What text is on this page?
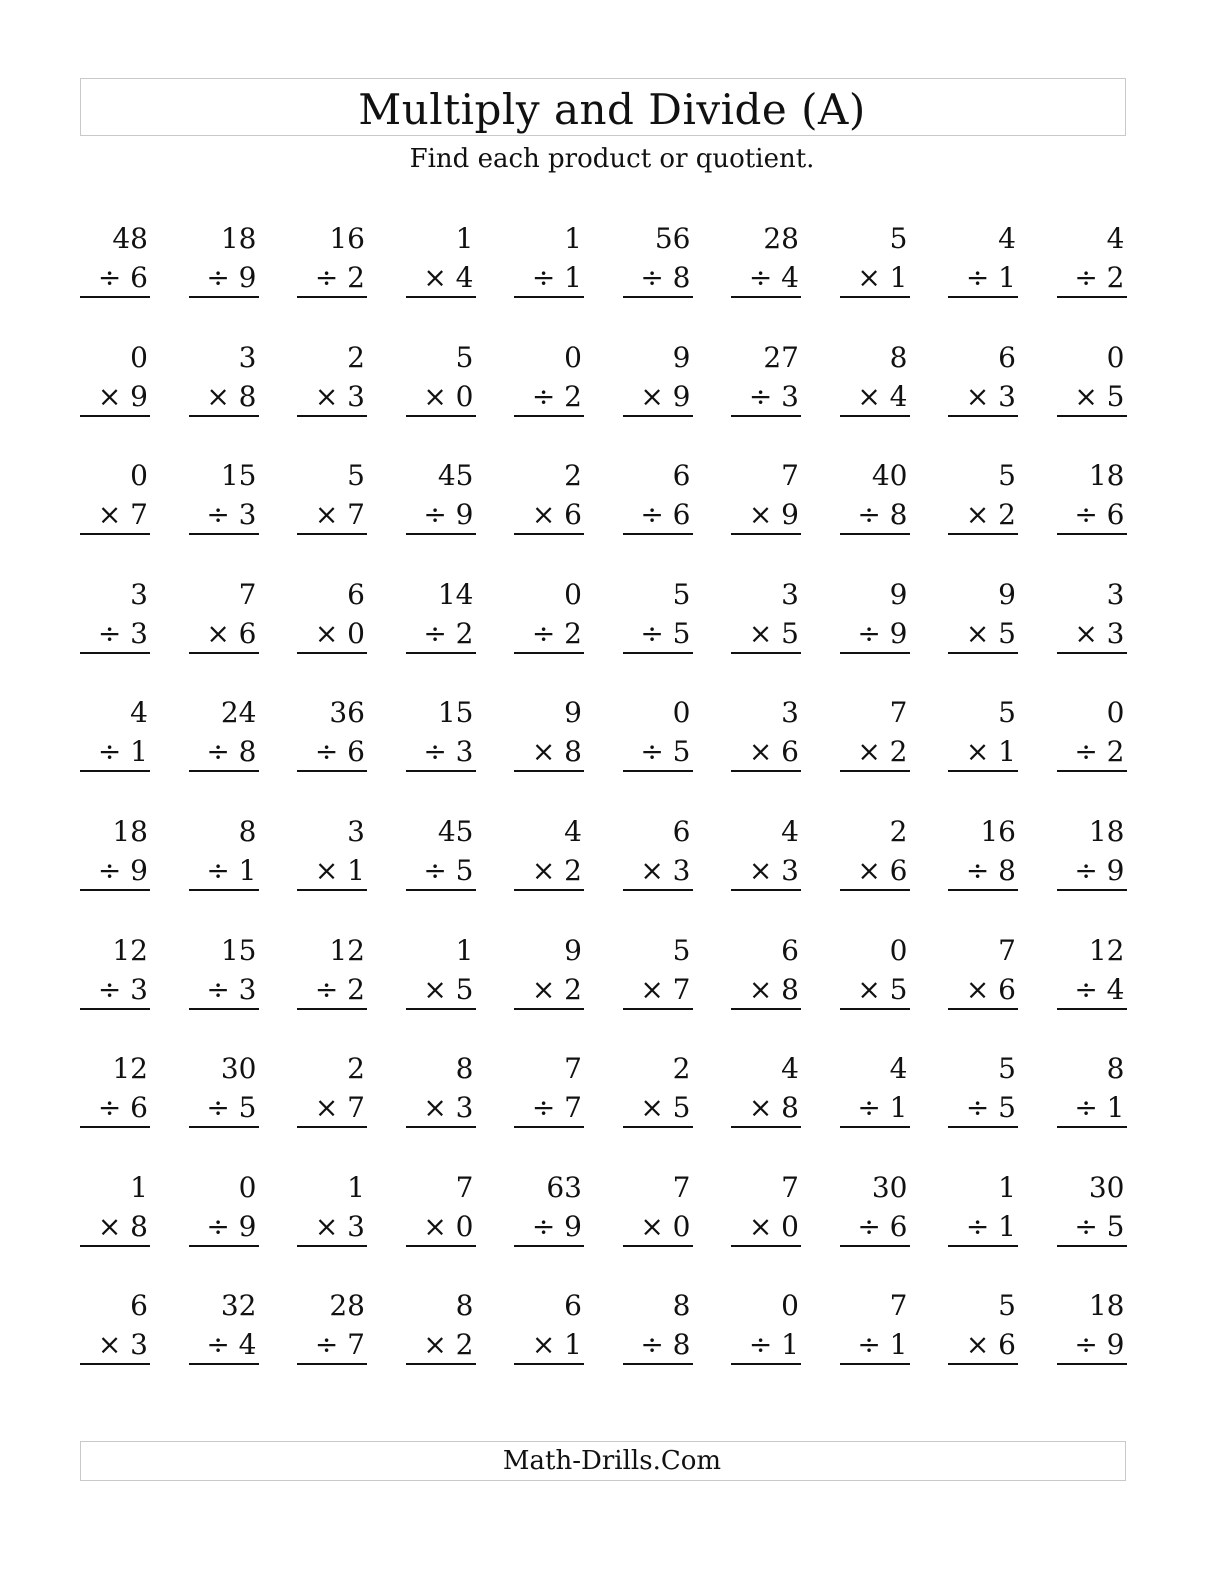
Multiply and Divide (A)
Find each product or quotient.
48
÷ 6
18
÷ 9
16
÷ 2
1
× 4
1
÷ 1
56
÷ 8
28
÷ 4
5
× 1
4
÷ 1
4
÷ 2
0
× 9
3
× 8
2
× 3
5
× 0
0
÷ 2
9
× 9
27
÷ 3
8
× 4
6
× 3
0
× 5
0
× 7
15
÷ 3
5
× 7
45
÷ 9
2
× 6
6
÷ 6
7
× 9
40
÷ 8
5
× 2
18
÷ 6
3
÷ 3
7
× 6
6
× 0
14
÷ 2
0
÷ 2
5
÷ 5
3
× 5
9
÷ 9
9
× 5
3
× 3
4
÷ 1
24
÷ 8
36
÷ 6
15
÷ 3
9
× 8
0
÷ 5
3
× 6
7
× 2
5
× 1
0
÷ 2
18
÷ 9
8
÷ 1
3
× 1
45
÷ 5
4
× 2
6
× 3
4
× 3
2
× 6
16
÷ 8
18
÷ 9
12
÷ 3
15
÷ 3
12
÷ 2
1
× 5
9
× 2
5
× 7
6
× 8
0
× 5
7
× 6
12
÷ 4
12
÷ 6
30
÷ 5
2
× 7
8
× 3
7
÷ 7
2
× 5
4
× 8
4
÷ 1
5
÷ 5
8
÷ 1
1
× 8
0
÷ 9
1
× 3
7
× 0
63
÷ 9
7
× 0
7
× 0
30
÷ 6
1
÷ 1
30
÷ 5
6
× 3
32
÷ 4
28
÷ 7
8
× 2
6
× 1
8
÷ 8
0
÷ 1
7
÷ 1
5
× 6
18
÷ 9
Math-Drills.Com
